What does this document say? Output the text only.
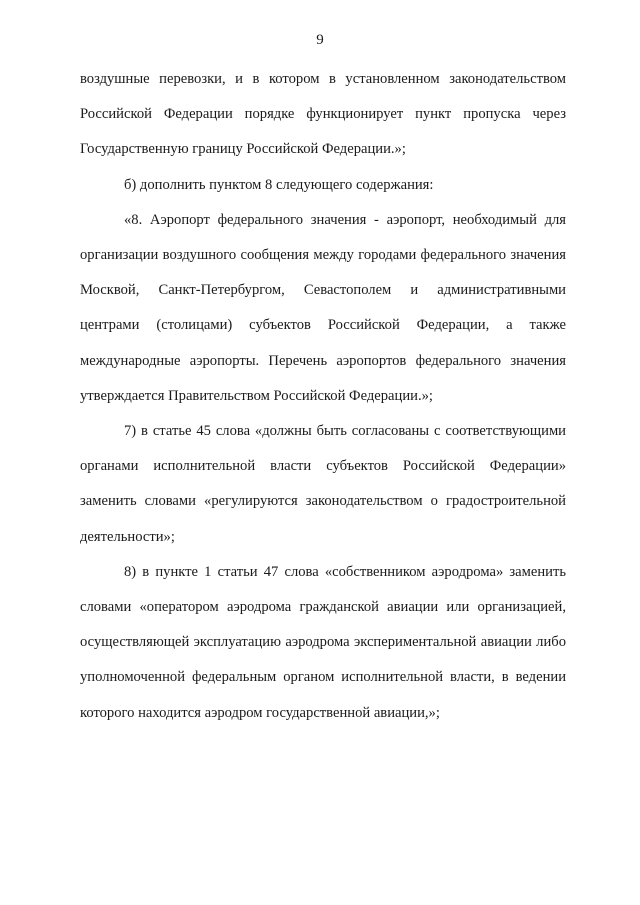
9

воздушные перевозки, и в котором в установленном законодательством Российской Федерации порядке функционирует пункт пропуска через Государственную границу Российской Федерации.»;

б) дополнить пунктом 8 следующего содержания:

«8. Аэропорт федерального значения - аэропорт, необходимый для организации воздушного сообщения между городами федерального значения Москвой, Санкт-Петербургом, Севастополем и административными центрами (столицами) субъектов Российской Федерации, а также международные аэропорты. Перечень аэропортов федерального значения утверждается Правительством Российской Федерации.»;

7) в статье 45 слова «должны быть согласованы с соответствующими органами исполнительной власти субъектов Российской Федерации» заменить словами «регулируются законодательством о градостроительной деятельности»;

8) в пункте 1 статьи 47 слова «собственником аэродрома» заменить словами «оператором аэродрома гражданской авиации или организацией, осуществляющей эксплуатацию аэродрома экспериментальной авиации либо уполномоченной федеральным органом исполнительной власти, в ведении которого находится аэродром государственной авиации,»;
